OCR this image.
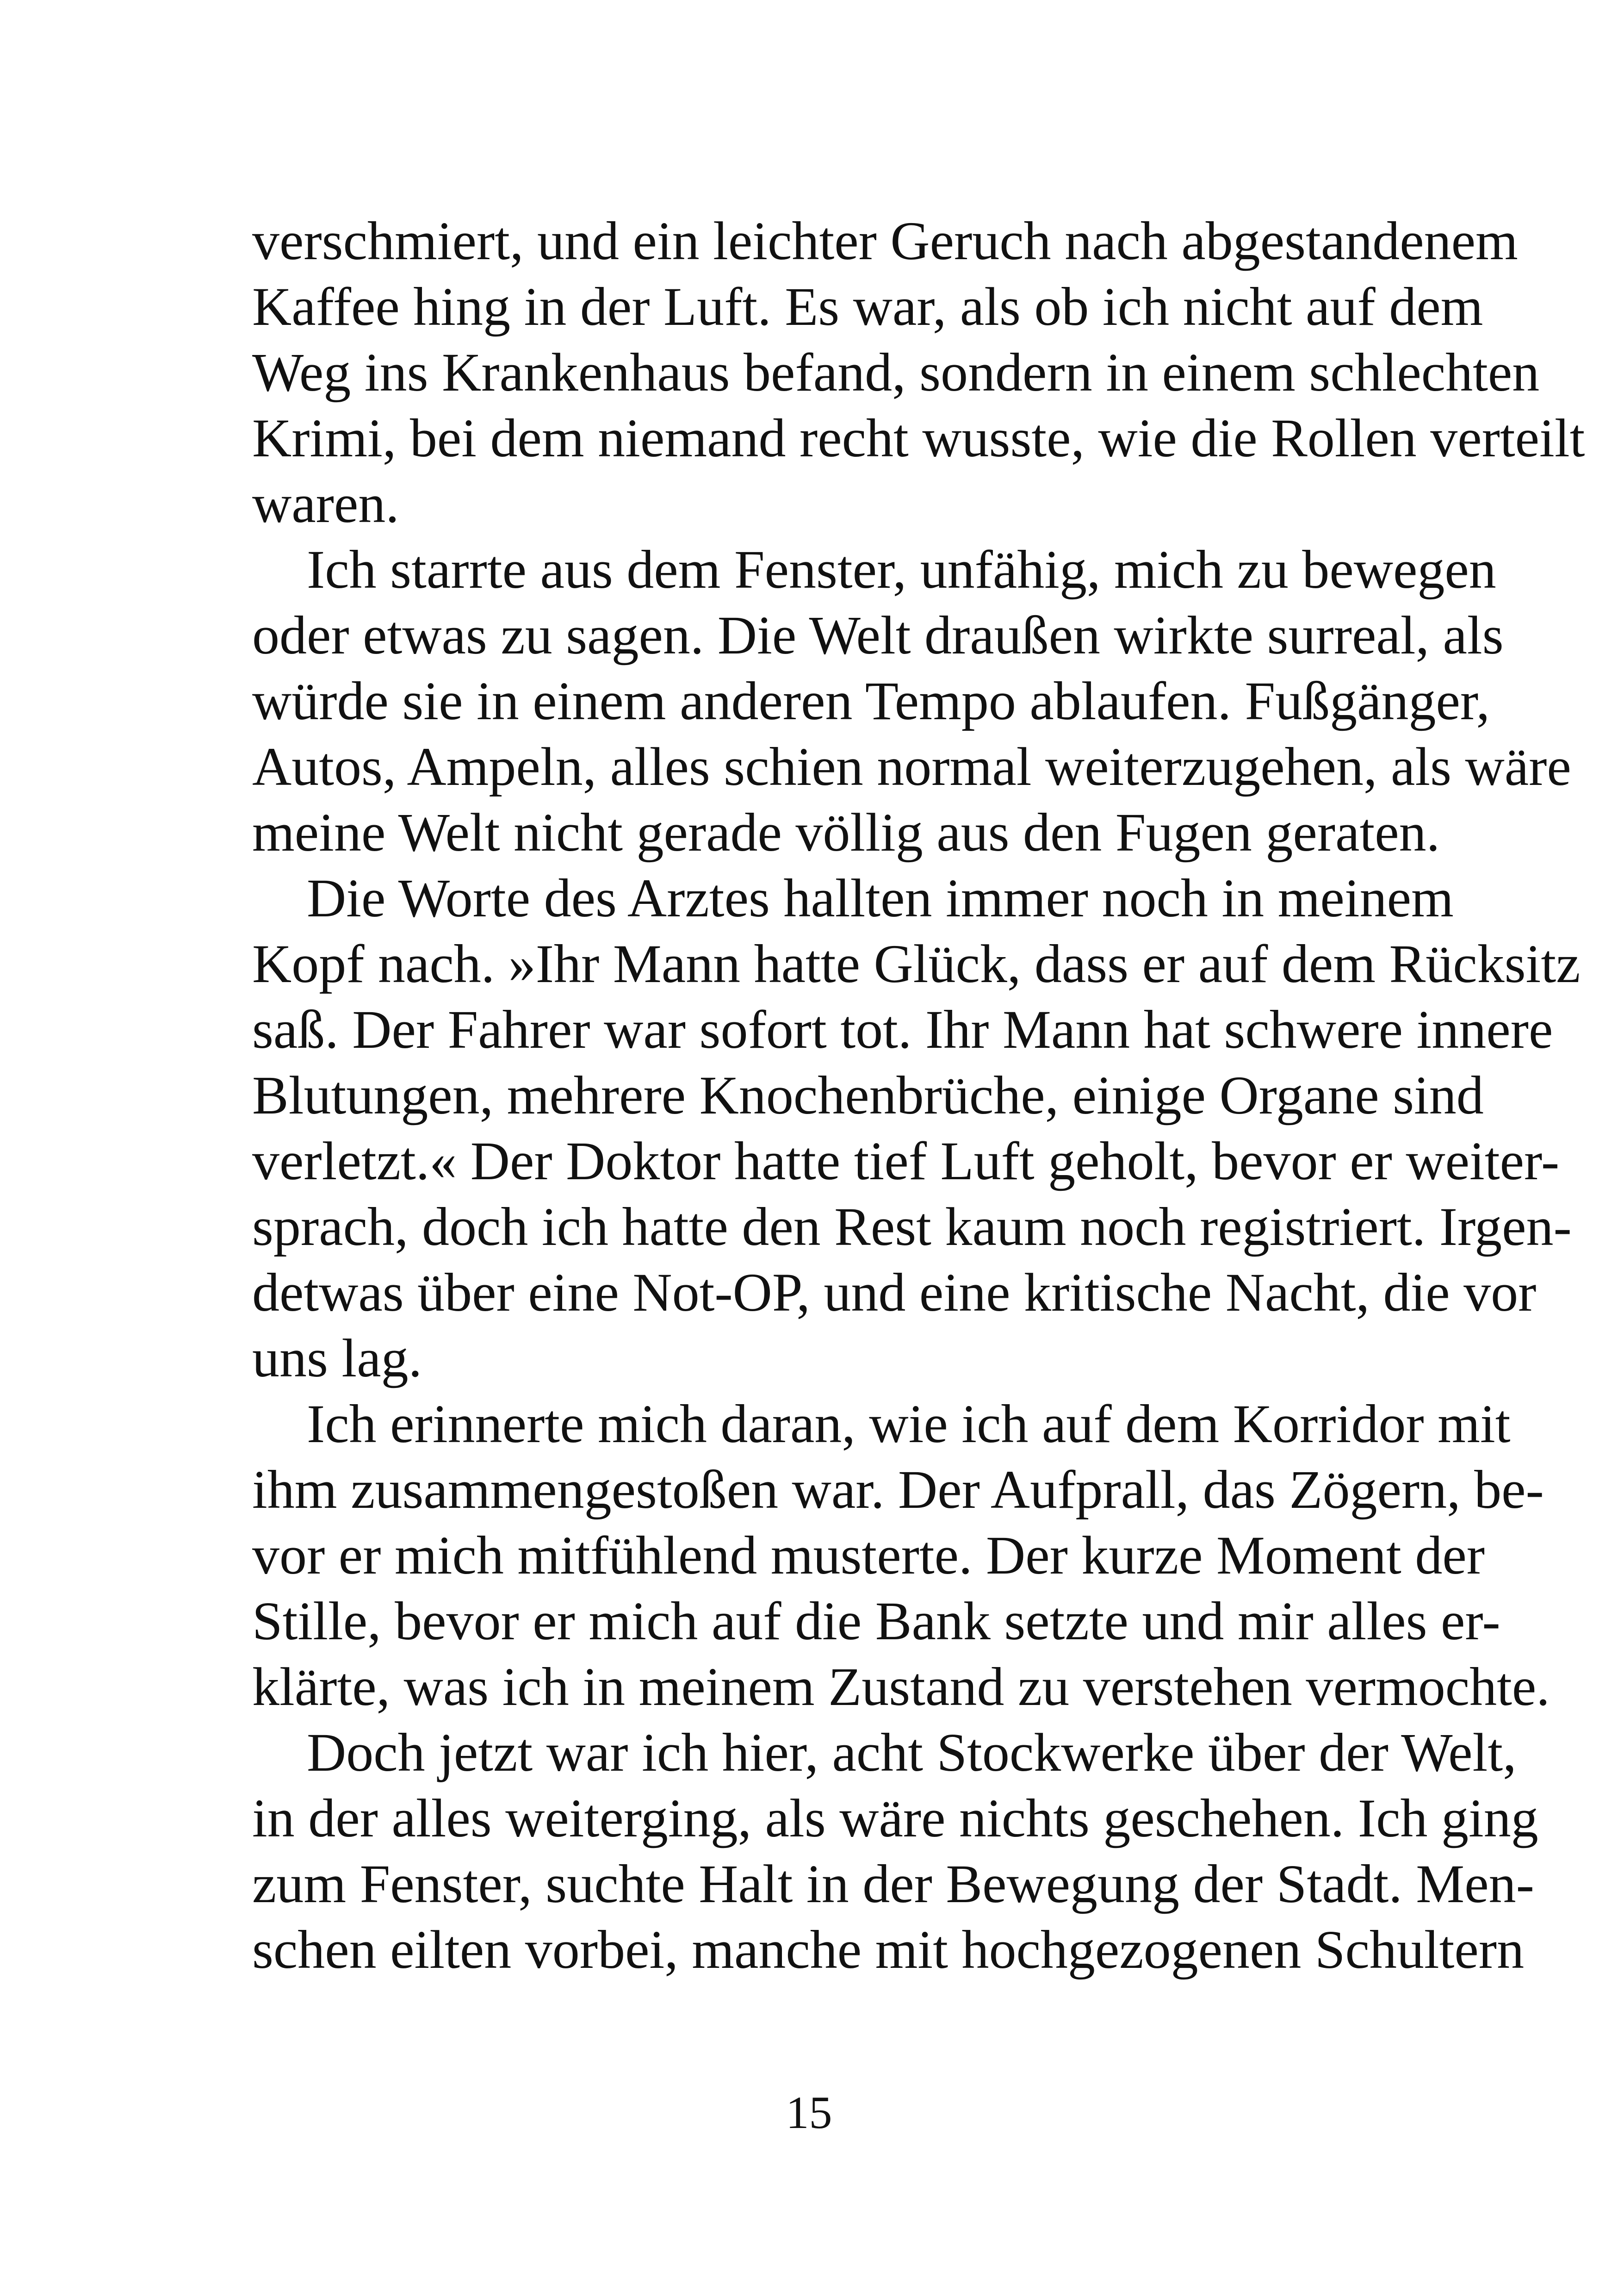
verschmiert, und ein leichter Geruch nach abgestandenem
Kaffee hing in der Luft. Es war, als ob ich nicht auf dem
Weg ins Krankenhaus befand, sondern in einem schlechten
Krimi, bei dem niemand recht wusste, wie die Rollen verteilt
waren.
Ich starrte aus dem Fenster, unfähig, mich zu bewegen
oder etwas zu sagen. Die Welt draußen wirkte surreal, als
würde sie in einem anderen Tempo ablaufen. Fußgänger,
Autos, Ampeln, alles schien normal weiterzugehen, als wäre
meine Welt nicht gerade völlig aus den Fugen geraten.
Die Worte des Arztes hallten immer noch in meinem
Kopf nach. »Ihr Mann hatte Glück, dass er auf dem Rücksitz
saß. Der Fahrer war sofort tot. Ihr Mann hat schwere innere
Blutungen, mehrere Knochenbrüche, einige Organe sind
verletzt.« Der Doktor hatte tief Luft geholt, bevor er weiter-
sprach, doch ich hatte den Rest kaum noch registriert. Irgen-
detwas über eine Not-OP, und eine kritische Nacht, die vor
uns lag.
Ich erinnerte mich daran, wie ich auf dem Korridor mit
ihm zusammengestoßen war. Der Aufprall, das Zögern, be-
vor er mich mitfühlend musterte. Der kurze Moment der
Stille, bevor er mich auf die Bank setzte und mir alles er-
klärte, was ich in meinem Zustand zu verstehen vermochte.
Doch jetzt war ich hier, acht Stockwerke über der Welt,
in der alles weiterging, als wäre nichts geschehen. Ich ging
zum Fenster, suchte Halt in der Bewegung der Stadt. Men-
schen eilten vorbei, manche mit hochgezogenen Schultern
15
